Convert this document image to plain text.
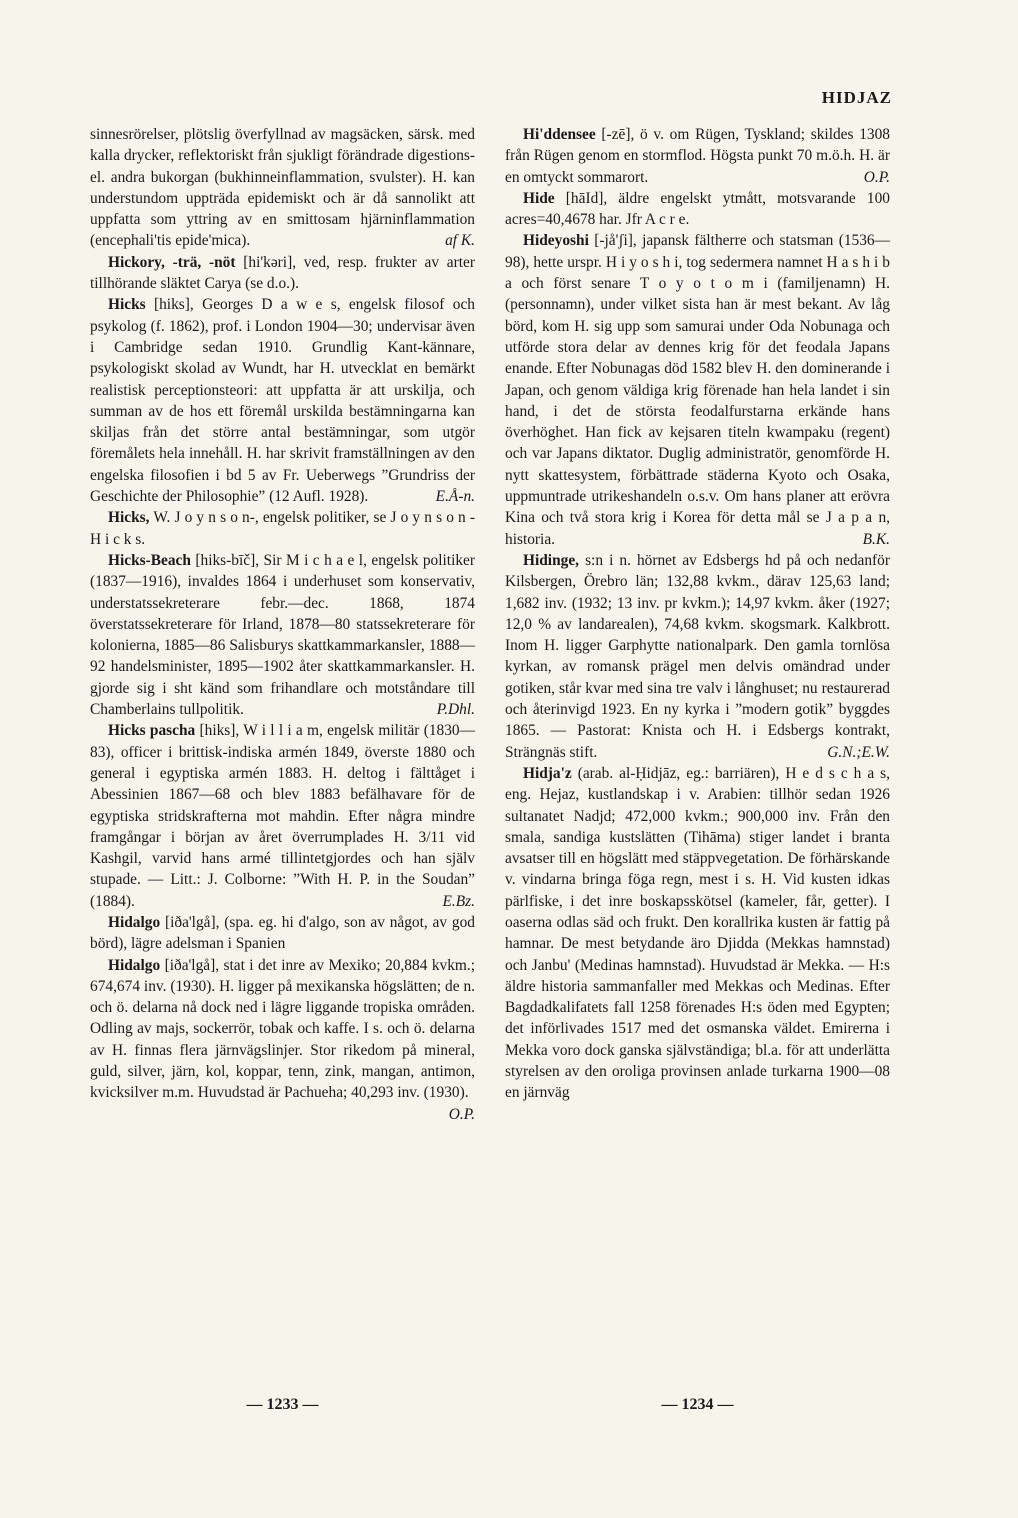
HIDJAZ

sinnesrörelser, plötslig överfyllnad av magsäcken, särsk. med kalla drycker, reflektoriskt från sjukligt förändrade digestions- el. andra bukorgan (bukhinneinflammation, svulster). H. kan understundom uppträda epidemiskt och är då sannolikt att uppfatta som yttring av en smittosam hjärninflammation (encephali'tis epide'mica).	af K.

Hickory, -trä, -nöt [hi'kəri], ved, resp. frukter av arter tillhörande släktet Carya (se d.o.).

Hicks [hiks], Georges D a w e s, engelsk filosof och psykolog (f. 1862), prof. i London 1904—30; undervisar även i Cambridge sedan 1910. Grundlig Kant-kännare, psykologiskt skolad av Wundt, har H. utvecklat en bemärkt realistisk perceptionsteori: att uppfatta är att urskilja, och summan av de hos ett föremål urskilda bestämningarna kan skiljas från det större antal bestämningar, som utgör föremålets hela innehåll. H. har skrivit framställningen av den engelska filosofien i bd 5 av Fr. Ueberwegs ”Grundriss der Geschichte der Philosophie” (12 Aufl. 1928).	E.Å-n.

Hicks, W. J o y n s o n-, engelsk politiker, se J o y n s o n - H i c k s.

Hicks-Beach [hiks-bīč], Sir M i c h a e l, engelsk politiker (1837—1916), invaldes 1864 i underhuset som konservativ, understatssekreterare febr.—dec. 1868, 1874 överstatssekreterare för Irland, 1878—80 statssekreterare för kolonierna, 1885—86 Salisburys skattkammarkansler, 1888—92 handelsminister, 1895—1902 åter skattkammarkansler. H. gjorde sig i sht känd som frihandlare och motståndare till Chamberlains tullpolitik.	P.Dhl.

Hicks pascha [hiks], W i l l i a m, engelsk militär (1830—83), officer i brittisk-indiska armén 1849, överste 1880 och general i egyptiska armén 1883. H. deltog i fälttåget i Abessinien 1867—68 och blev 1883 befälhavare för de egyptiska stridskrafterna mot mahdin. Efter några mindre framgångar i början av året överrumplades H. 3/11 vid Kashgil, varvid hans armé tillintetgjordes och han själv stupade. — Litt.: J. Colborne: ”With H. P. in the Soudan” (1884).	E.Bz.

Hidalgo [iða'lgå], (spa. eg. hi d'algo, son av något, av god börd), lägre adelsman i Spanien

Hidalgo [iða'lgå], stat i det inre av Mexiko; 20,884 kvkm.; 674,674 inv. (1930). H. ligger på mexikanska högslätten; de n. och ö. delarna nå dock ned i lägre liggande tropiska områden. Odling av majs, sockerrör, tobak och kaffe. I s. och ö. delarna av H. finnas flera järnvägslinjer. Stor rikedom på mineral, guld, silver, järn, kol, koppar, tenn, zink, mangan, antimon, kvicksilver m.m. Huvudstad är Pachueha; 40,293 inv. (1930).
O.P.

Hi'ddensee [-zē], ö v. om Rügen, Tyskland; skildes 1308 från Rügen genom en stormflod. Högsta punkt 70 m.ö.h. H. är en omtyckt sommarort.	O.P.

Hide [hāId], äldre engelskt ytmått, motsvarande 100 acres=40,4678 har. Jfr A c r e.

Hideyoshi [-jå'ʃi], japansk fältherre och statsman (1536—98), hette urspr. H i y o s h i, tog sedermera namnet H a s h i b a och först senare T o y o t o m i (familjenamn) H. (personnamn), under vilket sista han är mest bekant. Av låg börd, kom H. sig upp som samurai under Oda Nobunaga och utförde stora delar av dennes krig för det feodala Japans enande. Efter Nobunagas död 1582 blev H. den dominerande i Japan, och genom väldiga krig förenade han hela landet i sin hand, i det de största feodalfurstarna erkände hans överhöghet. Han fick av kejsaren titeln kwampaku (regent) och var Japans diktator. Duglig administratör, genomförde H. nytt skattesystem, förbättrade städerna Kyoto och Osaka, uppmuntrade utrikeshandeln o.s.v. Om hans planer att erövra Kina och två stora krig i Korea för detta mål se J a p a n, historia.	B.K.

Hidinge, s:n i n. hörnet av Edsbergs hd på och nedanför Kilsbergen, Örebro län; 132,88 kvkm., därav 125,63 land; 1,682 inv. (1932; 13 inv. pr kvkm.); 14,97 kvkm. åker (1927; 12,0 % av landarealen), 74,68 kvkm. skogsmark. Kalkbrott. Inom H. ligger Garphytte nationalpark. Den gamla tornlösa kyrkan, av romansk prägel men delvis omändrad under gotiken, står kvar med sina tre valv i långhuset; nu restaurerad och återinvigd 1923. En ny kyrka i ”modern gotik” byggdes 1865. — Pastorat: Knista och H. i Edsbergs kontrakt, Strängnäs stift.	G.N.;E.W.

Hidja'z (arab. al-Ḥidjāz, eg.: barriären), H e d s c h a s, eng. Hejaz, kustlandskap i v. Arabien: tillhör sedan 1926 sultanatet Nadjd; 472,000 kvkm.; 900,000 inv. Från den smala, sandiga kustslätten (Tihāma) stiger landet i branta avsatser till en högslätt med stäppvegetation. De förhärskande v. vindarna bringa föga regn, mest i s. H. Vid kusten idkas pärlfiske, i det inre boskapsskötsel (kameler, får, getter). I oaserna odlas säd och frukt. Den korallrika kusten är fattig på hamnar. De mest betydande äro Djidda (Mekkas hamnstad) och Janbu' (Medinas hamnstad). Huvudstad är Mekka. — H:s äldre historia sammanfaller med Mekkas och Medinas. Efter Bagdadkalifatets fall 1258 förenades H:s öden med Egypten; det införlivades 1517 med det osmanska väldet. Emirerna i Mekka voro dock ganska självständiga; bl.a. för att underlätta styrelsen av den oroliga provinsen anlade turkarna 1900—08 en järnväg

— 1233 —	— 1234 —
